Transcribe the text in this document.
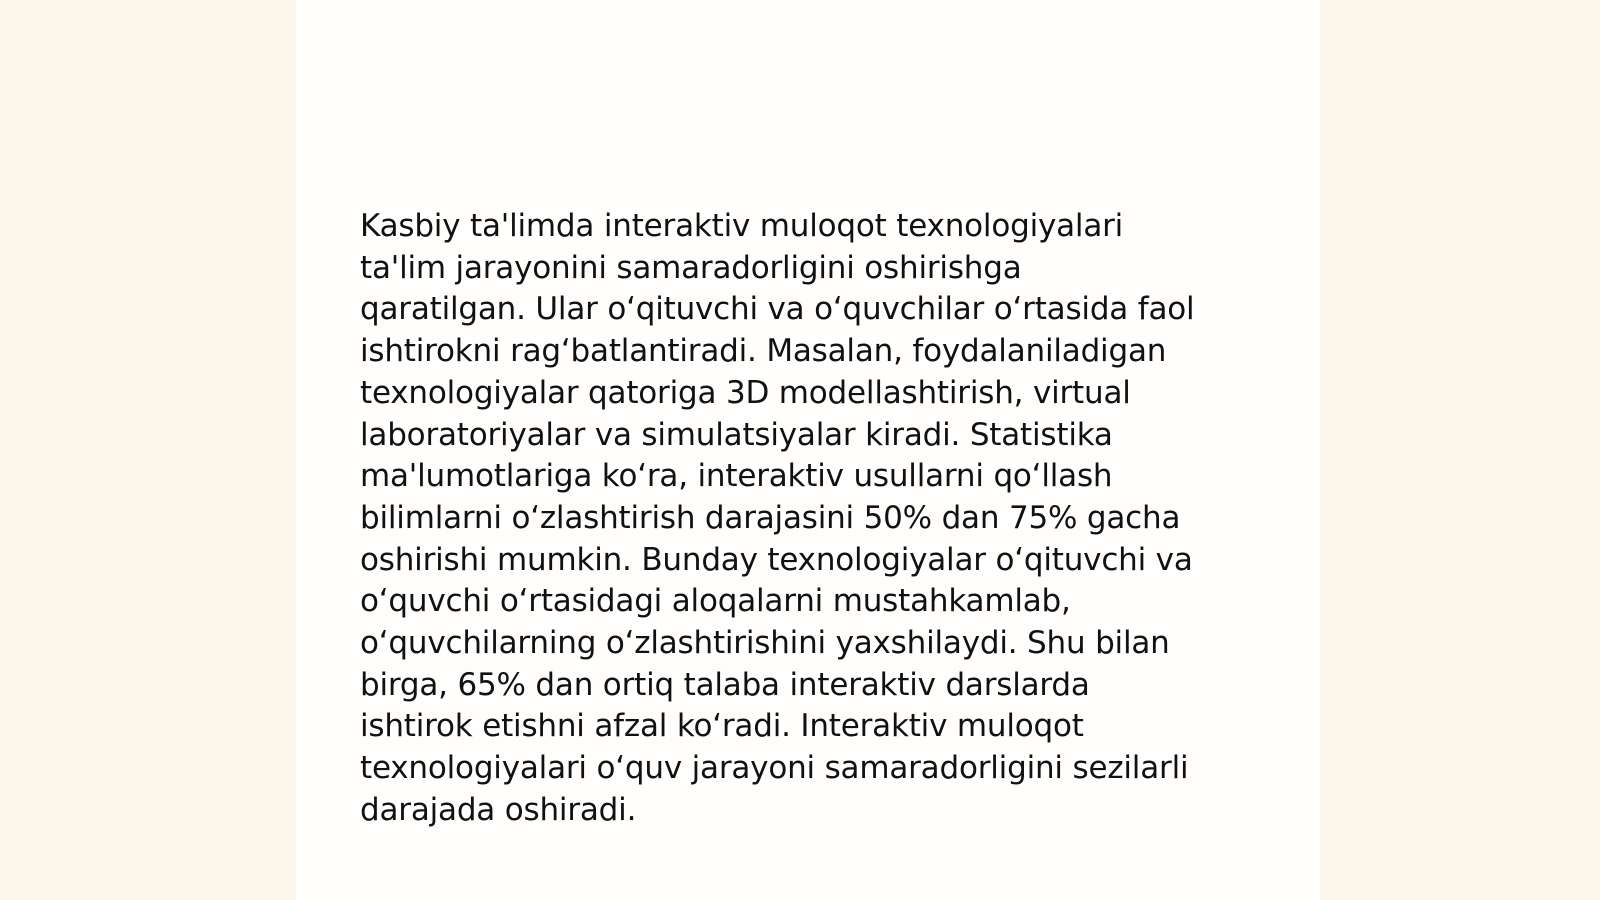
Kasbiy ta'limda interaktiv muloqot texnologiyalari
ta'lim jarayonini samaradorligini oshirishga
qaratilgan. Ular oʻqituvchi va oʻquvchilar oʻrtasida faol
ishtirokni ragʻbatlantiradi. Masalan, foydalaniladigan
texnologiyalar qatoriga 3D modellashtirish, virtual
laboratoriyalar va simulatsiyalar kiradi. Statistika
ma'lumotlariga koʻra, interaktiv usullarni qoʻllash
bilimlarni oʻzlashtirish darajasini 50% dan 75% gacha
oshirishi mumkin. Bunday texnologiyalar oʻqituvchi va
oʻquvchi oʻrtasidagi aloqalarni mustahkamlab,
oʻquvchilarning oʻzlashtirishini yaxshilaydi. Shu bilan
birga, 65% dan ortiq talaba interaktiv darslarda
ishtirok etishni afzal koʻradi. Interaktiv muloqot
texnologiyalari oʻquv jarayoni samaradorligini sezilarli
darajada oshiradi.
